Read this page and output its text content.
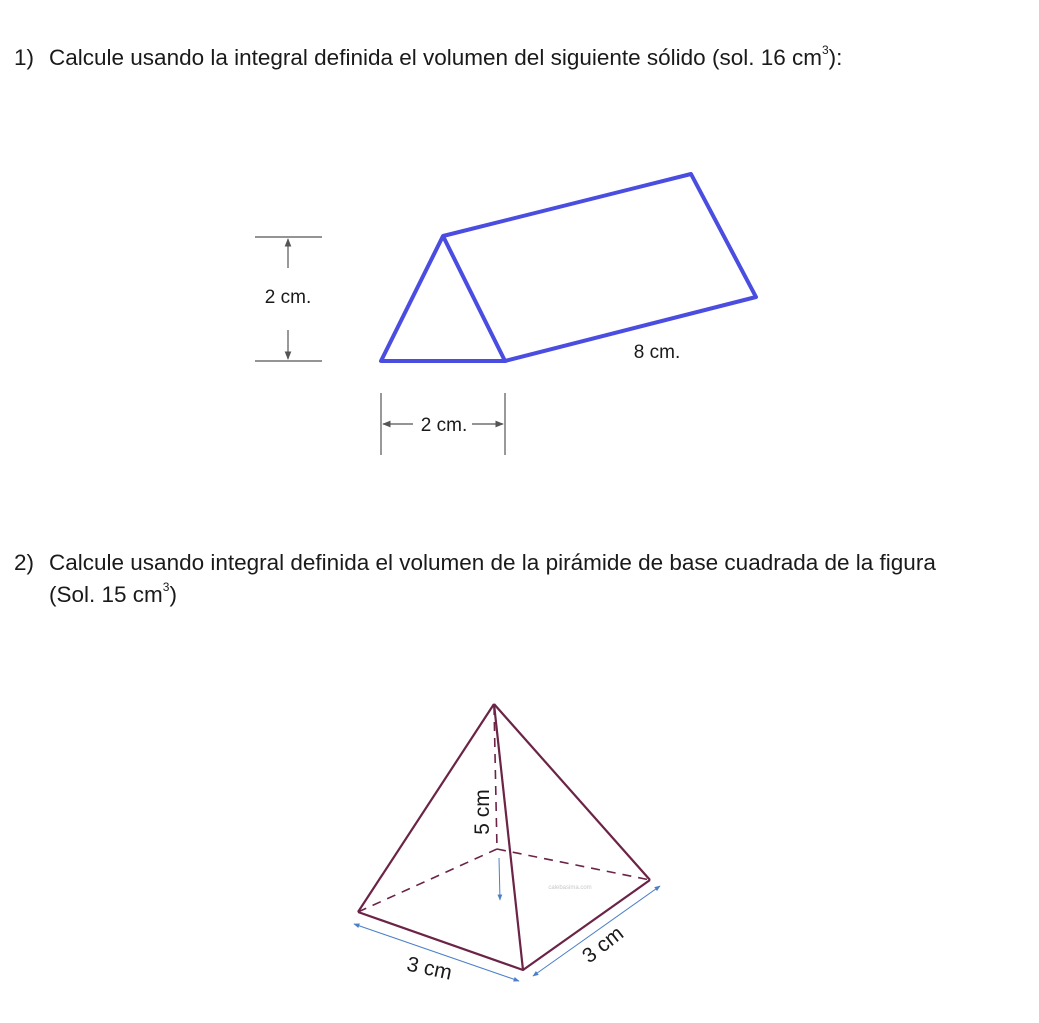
1) Calcule usando la integral definida el volumen del siguiente sólido (sol. 16 $cm^3$):
2) Calcule usando integral definida el volumen de la pirámide de base cuadrada de la figura (Sol. 15 $cm^3$)
2 cm.
2 cm.
8 cm.
5 cm
3 cm
3 cm
calebasima.com
